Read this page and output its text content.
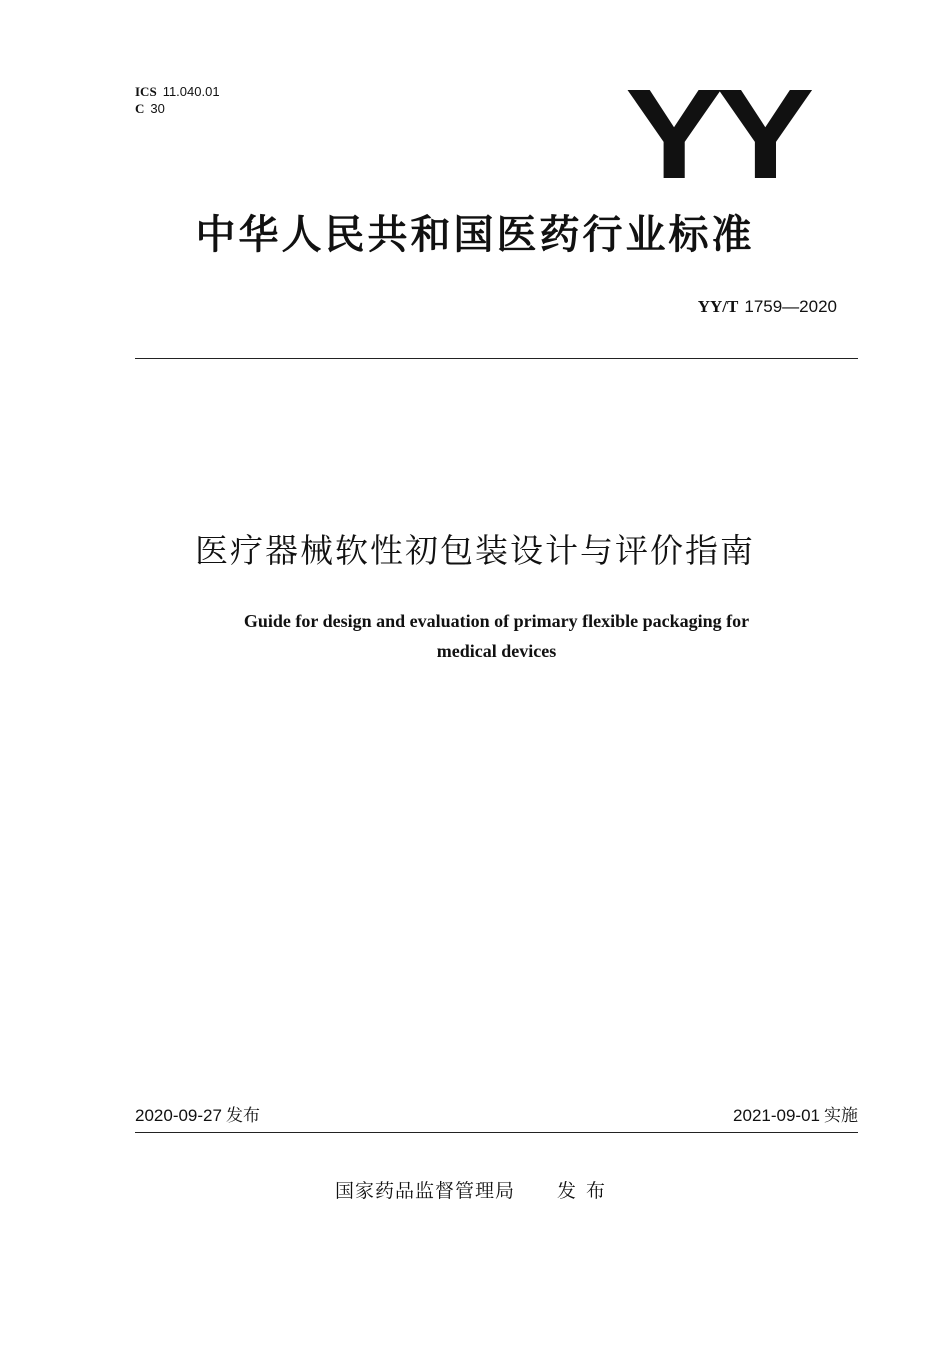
ICS 11.040.01
C 30	YY
中华人民共和国医药行业标准
YY/T 1759—2020
医疗器械软性初包装设计与评价指南
Guide for design and evaluation of primary flexible packaging for
medical devices
2020-09-27 发布	2021-09-01 实施
国家药品监督管理局 发布
